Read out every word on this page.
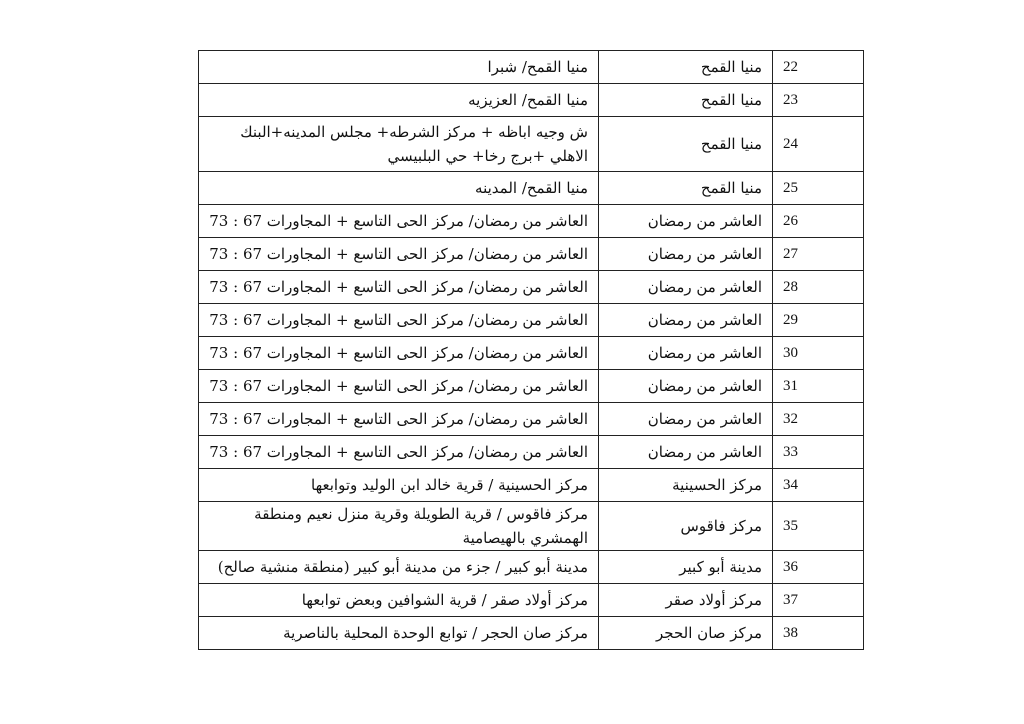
22	منيا القمح	منيا القمح/ شبرا
23	منيا القمح	منيا القمح/ العزيزيه
24	منيا القمح	ش وجيه اباظه + مركز الشرطه+ مجلس المدينه+البنك الاهلي +برج رخا+ حي البلبيسي
25	منيا القمح	منيا القمح/ المدينه
26	العاشر من رمضان	العاشر من رمضان/ مركز الحى التاسع + المجاورات 67 : 73
27	العاشر من رمضان	العاشر من رمضان/ مركز الحى التاسع + المجاورات 67 : 73
28	العاشر من رمضان	العاشر من رمضان/ مركز الحى التاسع + المجاورات 67 : 73
29	العاشر من رمضان	العاشر من رمضان/ مركز الحى التاسع + المجاورات 67 : 73
30	العاشر من رمضان	العاشر من رمضان/ مركز الحى التاسع + المجاورات 67 : 73
31	العاشر من رمضان	العاشر من رمضان/ مركز الحى التاسع + المجاورات 67 : 73
32	العاشر من رمضان	العاشر من رمضان/ مركز الحى التاسع + المجاورات 67 : 73
33	العاشر من رمضان	العاشر من رمضان/ مركز الحى التاسع + المجاورات 67 : 73
34	مركز الحسينية	مركز الحسينية / قرية خالد ابن الوليد وتوابعها
35	مركز فاقوس	مركز فاقوس / قرية الطويلة وقرية منزل نعيم ومنطقة الهمشري بالهيصامية
36	مدينة أبو كبير	مدينة أبو كبير / جزء من مدينة أبو كبير (منطقة منشية صالح)
37	مركز أولاد صقر	مركز أولاد صقر / قرية الشوافين وبعض توابعها
38	مركز صان الحجر	مركز صان الحجر / توابع الوحدة المحلية بالناصرية
